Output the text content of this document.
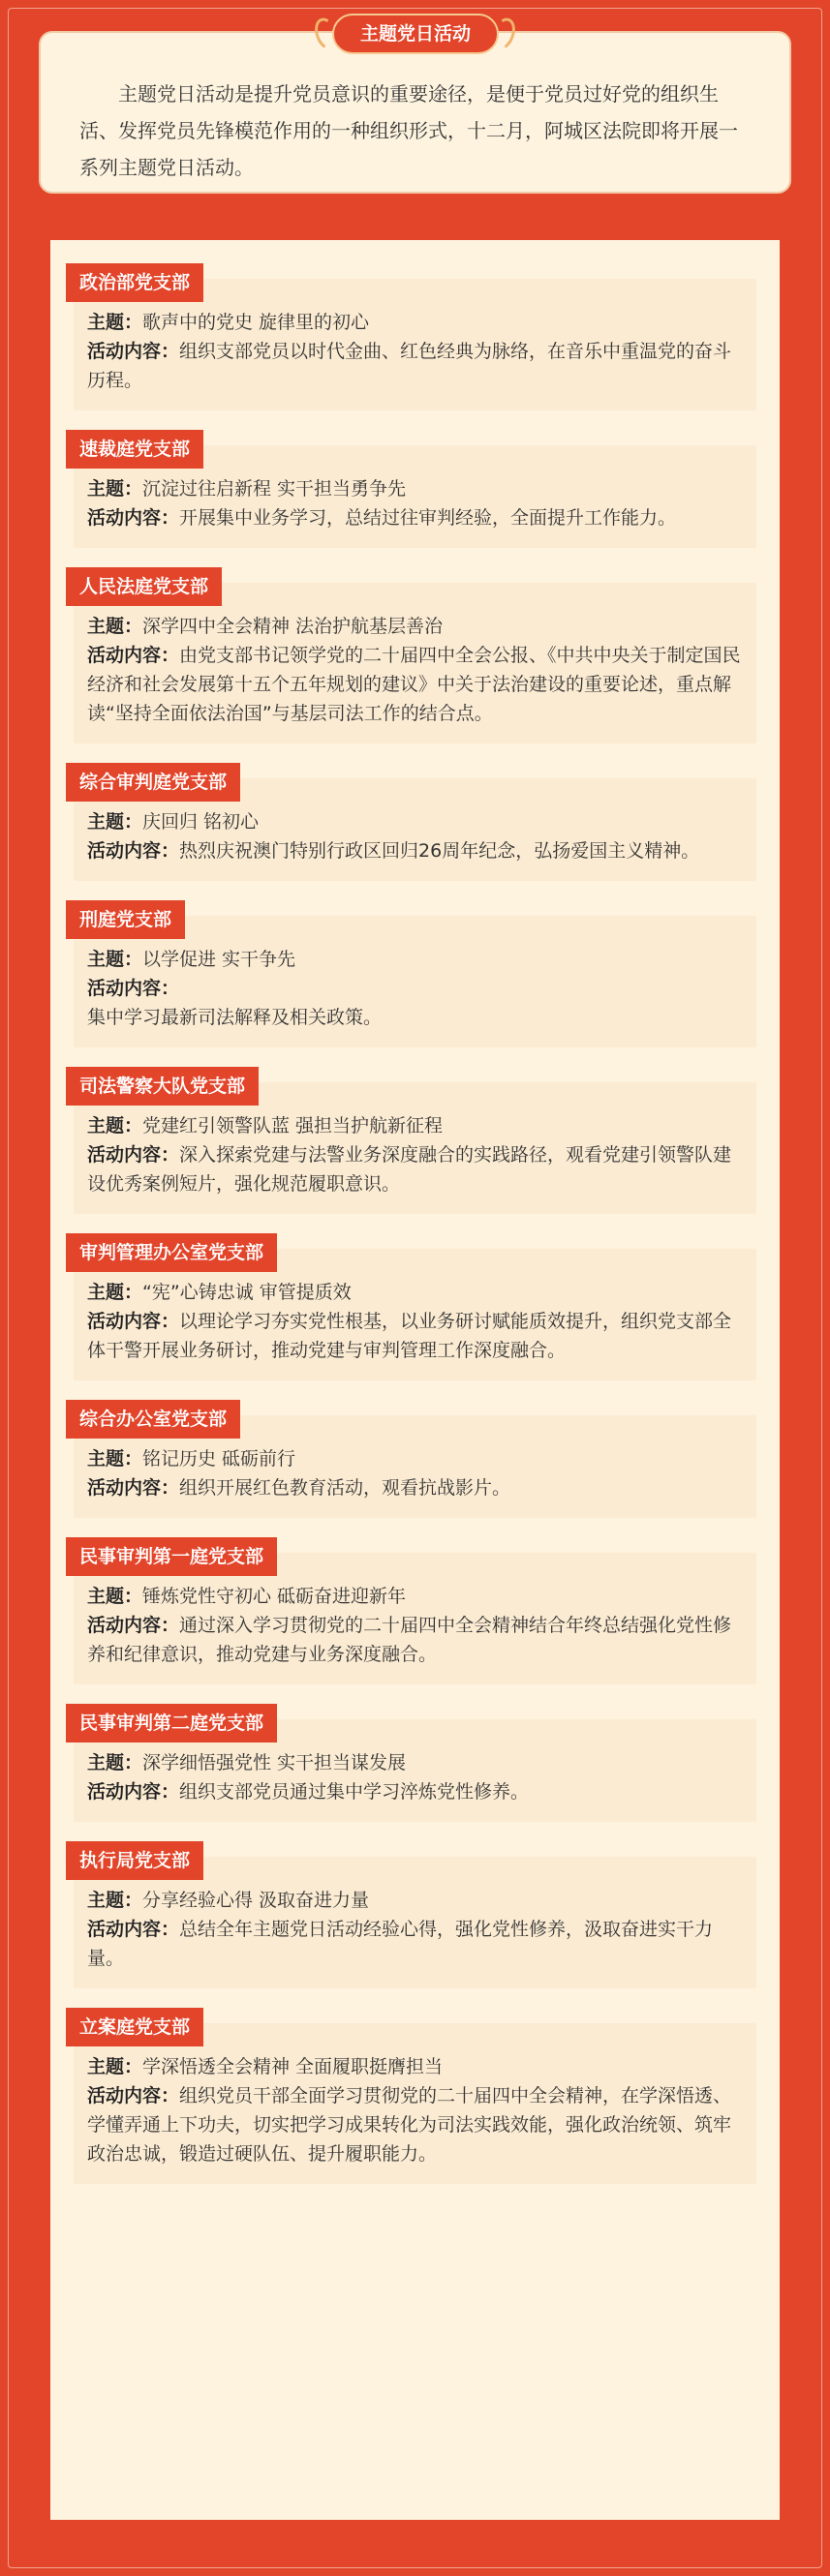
主题党日活动是提升党员意识的重要途径，是便于党员过好党的组织生活、发挥党员先锋模范作用的一种组织形式，十二月，阿城区法院即将开展一系列主题党日活动。

主题党日活动
政治部党支部

主题：歌声中的党史 旋律里的初心

活动内容：组织支部党员以时代金曲、红色经典为脉络，在音乐中重温党的奋斗历程。

速裁庭党支部

主题：沉淀过往启新程 实干担当勇争先

活动内容：开展集中业务学习，总结过往审判经验，全面提升工作能力。

人民法庭党支部

主题：深学四中全会精神 法治护航基层善治

活动内容：由党支部书记领学党的二十届四中全会公报、《中共中央关于制定国民经济和社会发展第十五个五年规划的建议》中关于法治建设的重要论述，重点解读“坚持全面依法治国”与基层司法工作的结合点。

综合审判庭党支部

主题：庆回归 铭初心

活动内容：热烈庆祝澳门特别行政区回归26周年纪念，弘扬爱国主义精神。

刑庭党支部

主题：以学促进 实干争先

活动内容：
集中学习最新司法解释及相关政策。

司法警察大队党支部

主题：党建红引领警队蓝 强担当护航新征程

活动内容：深入探索党建与法警业务深度融合的实践路径，观看党建引领警队建设优秀案例短片，强化规范履职意识。

审判管理办公室党支部

主题：“宪”心铸忠诚 审管提质效

活动内容：以理论学习夯实党性根基，以业务研讨赋能质效提升，组织党支部全体干警开展业务研讨，推动党建与审判管理工作深度融合。

综合办公室党支部

主题：铭记历史 砥砺前行

活动内容：组织开展红色教育活动，观看抗战影片。

民事审判第一庭党支部

主题：锤炼党性守初心 砥砺奋进迎新年

活动内容：通过深入学习贯彻党的二十届四中全会精神结合年终总结强化党性修养和纪律意识，推动党建与业务深度融合。

民事审判第二庭党支部

主题：深学细悟强党性 实干担当谋发展

活动内容：组织支部党员通过集中学习淬炼党性修养。

执行局党支部

主题：分享经验心得 汲取奋进力量

活动内容：总结全年主题党日活动经验心得，强化党性修养，汲取奋进实干力量。

立案庭党支部

主题：学深悟透全会精神 全面履职挺膺担当

活动内容：组织党员干部全面学习贯彻党的二十届四中全会精神，在学深悟透、学懂弄通上下功夫，切实把学习成果转化为司法实践效能，强化政治统领、筑牢政治忠诚，锻造过硬队伍、提升履职能力。
